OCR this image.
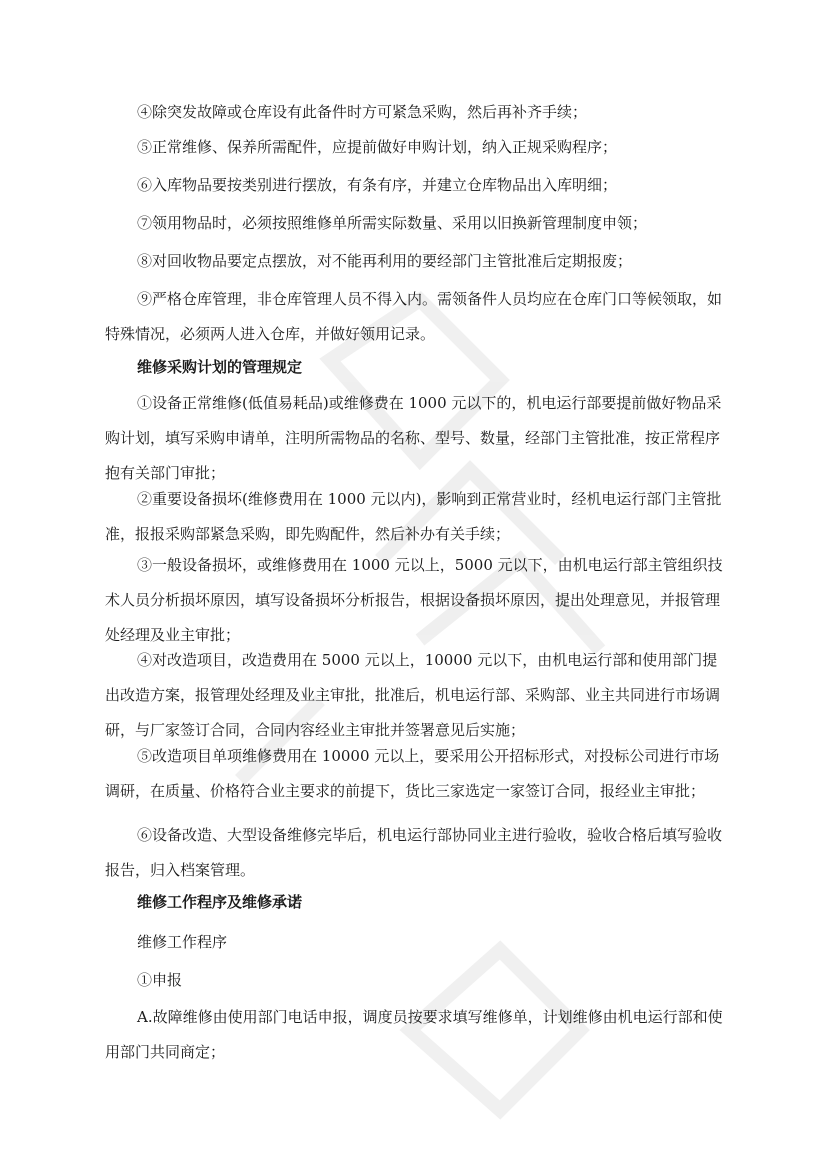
④除突发故障或仓库设有此备件时方可紧急采购，然后再补齐手续；

⑤正常维修、保养所需配件，应提前做好申购计划，纳入正规采购程序；

⑥入库物品要按类别进行摆放，有条有序，并建立仓库物品出入库明细；

⑦领用物品时，必须按照维修单所需实际数量、采用以旧换新管理制度申领；

⑧对回收物品要定点摆放，对不能再利用的要经部门主管批准后定期报废；

⑨严格仓库管理，非仓库管理人员不得入内。需领备件人员均应在仓库门口等候领取，如特殊情况，必须两人进入仓库，并做好领用记录。

维修采购计划的管理规定

①设备正常维修(低值易耗品)或维修费在 1000 元以下的，机电运行部要提前做好物品采购计划，填写采购申请单，注明所需物品的名称、型号、数量，经部门主管批准，按正常程序抱有关部门审批；

②重要设备损坏(维修费用在 1000 元以内)，影响到正常营业时，经机电运行部门主管批准，报报采购部紧急采购，即先购配件，然后补办有关手续；

③一般设备损坏，或维修费用在 1000 元以上，5000 元以下，由机电运行部主管组织技术人员分析损坏原因，填写设备损坏分析报告，根据设备损坏原因，提出处理意见，并报管理处经理及业主审批；

④对改造项目，改造费用在 5000 元以上，10000 元以下，由机电运行部和使用部门提出改造方案，报管理处经理及业主审批，批准后，机电运行部、采购部、业主共同进行市场调研，与厂家签订合同，合同内容经业主审批并签署意见后实施；

⑤改造项目单项维修费用在 10000 元以上，要采用公开招标形式，对投标公司进行市场调研，在质量、价格符合业主要求的前提下，货比三家选定一家签订合同，报经业主审批；

⑥设备改造、大型设备维修完毕后，机电运行部协同业主进行验收，验收合格后填写验收报告，归入档案管理。

维修工作程序及维修承诺

维修工作程序

①申报

A.故障维修由使用部门电话申报，调度员按要求填写维修单，计划维修由机电运行部和使用部门共同商定；
